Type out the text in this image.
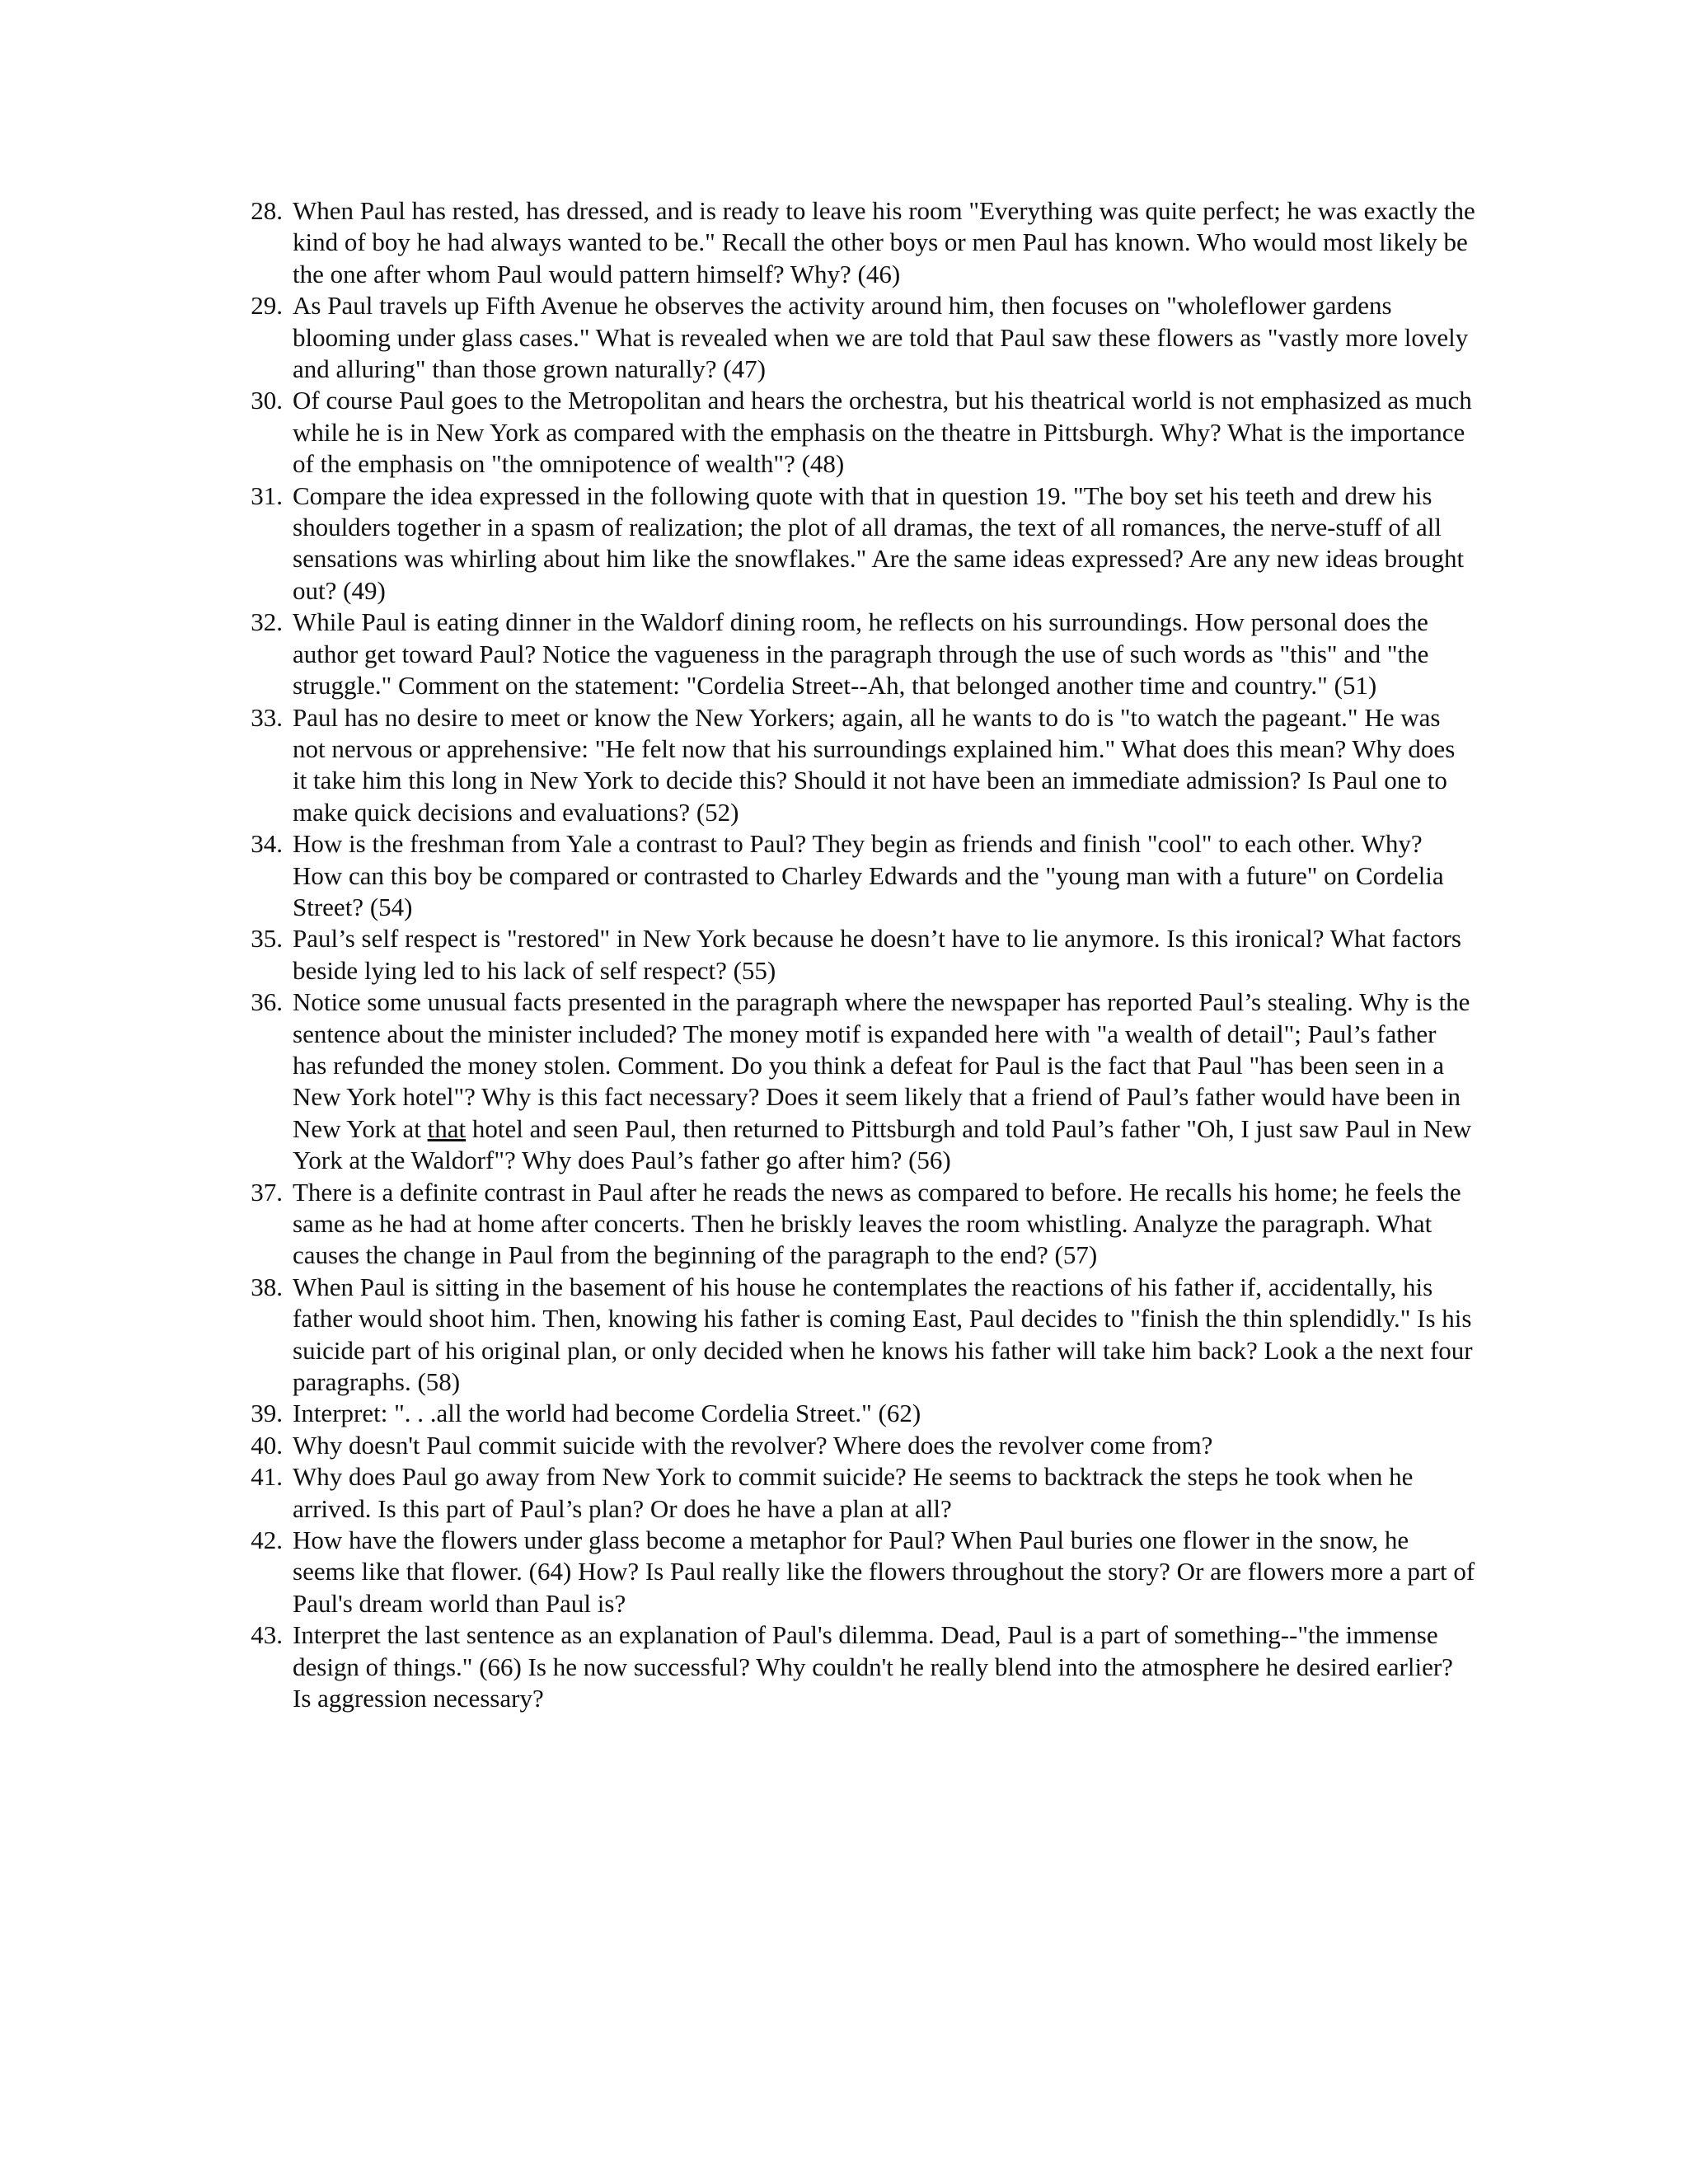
28. When Paul has rested, has dressed, and is ready to leave his room "Everything was quite perfect; he was exactly the kind of boy he had always wanted to be." Recall the other boys or men Paul has known. Who would most likely be the one after whom Paul would pattern himself? Why? (46)
29. As Paul travels up Fifth Avenue he observes the activity around him, then focuses on "wholeflower gardens blooming under glass cases." What is revealed when we are told that Paul saw these flowers as "vastly more lovely and alluring" than those grown naturally? (47)
30. Of course Paul goes to the Metropolitan and hears the orchestra, but his theatrical world is not emphasized as much while he is in New York as compared with the emphasis on the theatre in Pittsburgh. Why? What is the importance of the emphasis on "the omnipotence of wealth"? (48)
31. Compare the idea expressed in the following quote with that in question 19. "The boy set his teeth and drew his shoulders together in a spasm of realization; the plot of all dramas, the text of all romances, the nerve-stuff of all sensations was whirling about him like the snowflakes." Are the same ideas expressed? Are any new ideas brought out? (49)
32. While Paul is eating dinner in the Waldorf dining room, he reflects on his surroundings. How personal does the author get toward Paul? Notice the vagueness in the paragraph through the use of such words as "this" and "the struggle." Comment on the statement: "Cordelia Street--Ah, that belonged another time and country." (51)
33. Paul has no desire to meet or know the New Yorkers; again, all he wants to do is "to watch the pageant." He was not nervous or apprehensive: "He felt now that his surroundings explained him." What does this mean? Why does it take him this long in New York to decide this? Should it not have been an immediate admission? Is Paul one to make quick decisions and evaluations? (52)
34. How is the freshman from Yale a contrast to Paul? They begin as friends and finish "cool" to each other. Why? How can this boy be compared or contrasted to Charley Edwards and the "young man with a future" on Cordelia Street? (54)
35. Paul’s self respect is "restored" in New York because he doesn’t have to lie anymore. Is this ironical? What factors beside lying led to his lack of self respect? (55)
36. Notice some unusual facts presented in the paragraph where the newspaper has reported Paul’s stealing. Why is the sentence about the minister included? The money motif is expanded here with "a wealth of detail"; Paul’s father has refunded the money stolen. Comment. Do you think a defeat for Paul is the fact that Paul "has been seen in a New York hotel"? Why is this fact necessary? Does it seem likely that a friend of Paul’s father would have been in New York at that hotel and seen Paul, then returned to Pittsburgh and told Paul’s father "Oh, I just saw Paul in New York at the Waldorf"? Why does Paul’s father go after him? (56)
37. There is a definite contrast in Paul after he reads the news as compared to before. He recalls his home; he feels the same as he had at home after concerts. Then he briskly leaves the room whistling. Analyze the paragraph. What causes the change in Paul from the beginning of the paragraph to the end? (57)
38. When Paul is sitting in the basement of his house he contemplates the reactions of his father if, accidentally, his father would shoot him. Then, knowing his father is coming East, Paul decides to "finish the thin splendidly." Is his suicide part of his original plan, or only decided when he knows his father will take him back? Look a the next four paragraphs. (58)
39. Interpret: ". . .all the world had become Cordelia Street." (62)
40. Why doesn't Paul commit suicide with the revolver? Where does the revolver come from?
41. Why does Paul go away from New York to commit suicide? He seems to backtrack the steps he took when he arrived. Is this part of Paul’s plan? Or does he have a plan at all?
42. How have the flowers under glass become a metaphor for Paul? When Paul buries one flower in the snow, he seems like that flower. (64) How? Is Paul really like the flowers throughout the story? Or are flowers more a part of Paul's dream world than Paul is?
43. Interpret the last sentence as an explanation of Paul's dilemma. Dead, Paul is a part of something--"the immense design of things." (66) Is he now successful? Why couldn't he really blend into the atmosphere he desired earlier? Is aggression necessary?
